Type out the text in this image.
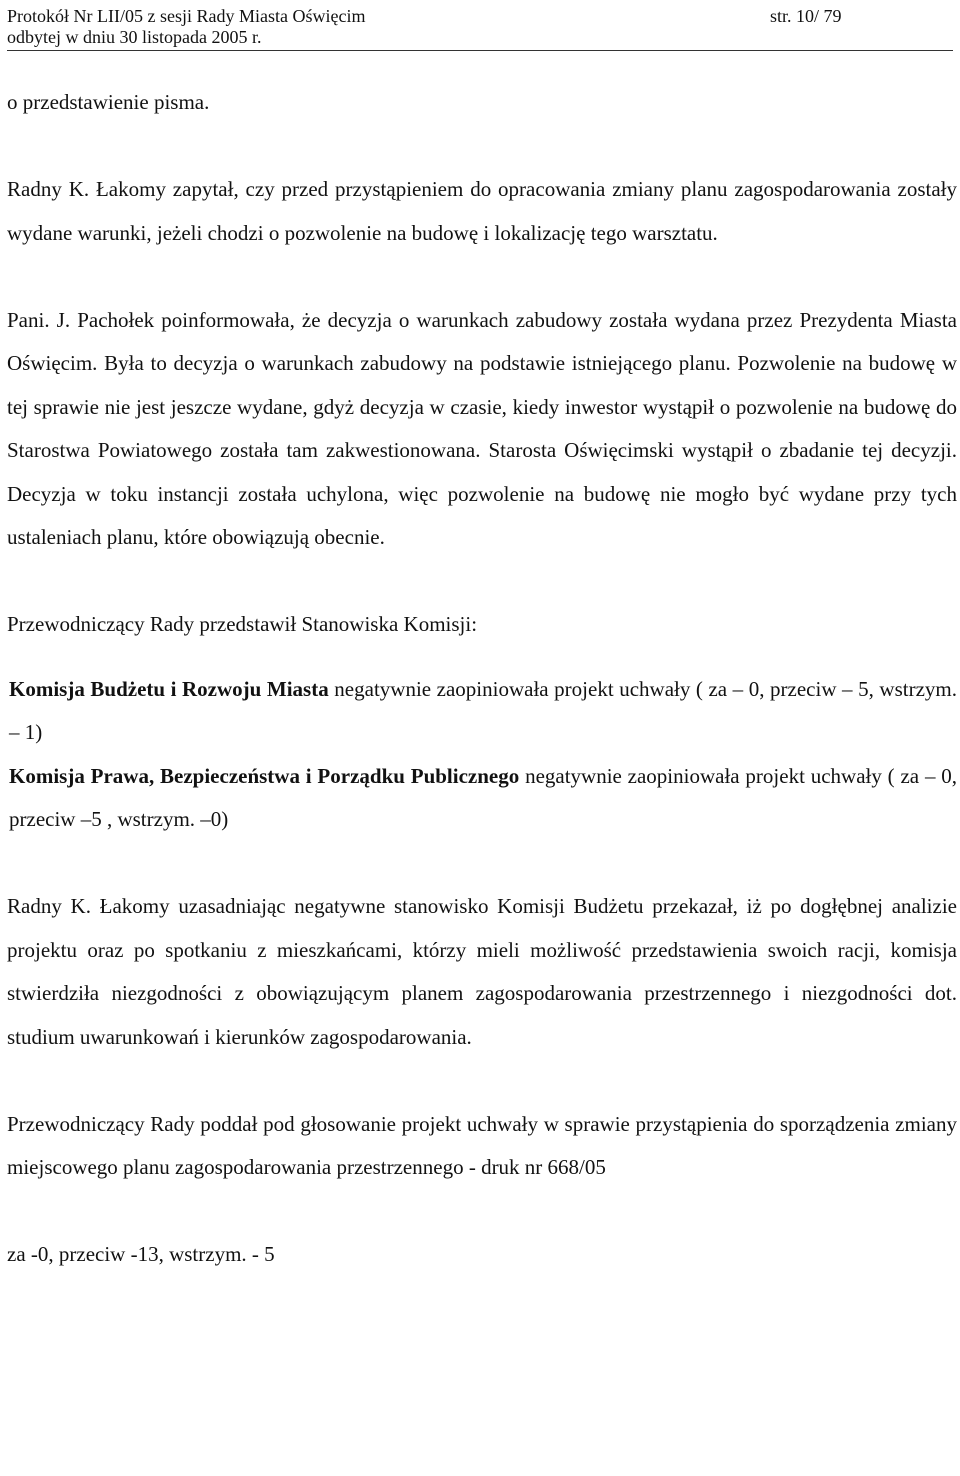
Protokół Nr LII/05 z sesji Rady Miasta Oświęcim
odbytej w dniu 30 listopada 2005 r.
str. 10/ 79

o przedstawienie pisma.

Radny K. Łakomy zapytał, czy przed przystąpieniem do opracowania zmiany planu zagospodarowania zostały wydane warunki, jeżeli chodzi o pozwolenie na budowę i lokalizację tego warsztatu.

Pani. J. Pachołek poinformowała, że decyzja o warunkach zabudowy została wydana przez Prezydenta Miasta Oświęcim. Była to decyzja o warunkach zabudowy na podstawie istniejącego planu. Pozwolenie na budowę w tej sprawie nie jest jeszcze wydane, gdyż decyzja w czasie, kiedy inwestor wystąpił o pozwolenie na budowę do Starostwa Powiatowego została tam zakwestionowana. Starosta Oświęcimski wystąpił o zbadanie tej decyzji. Decyzja w toku instancji została uchylona, więc pozwolenie na budowę nie mogło być wydane przy tych ustaleniach planu, które obowiązują obecnie.

Przewodniczący Rady przedstawił Stanowiska Komisji:

Komisja Budżetu i Rozwoju Miasta negatywnie zaopiniowała projekt uchwały ( za – 0, przeciw – 5, wstrzym. – 1)

Komisja Prawa, Bezpieczeństwa i Porządku Publicznego negatywnie zaopiniowała projekt uchwały ( za – 0, przeciw –5 , wstrzym. –0)

Radny K. Łakomy uzasadniając negatywne stanowisko Komisji Budżetu przekazał, iż po dogłębnej analizie projektu oraz po spotkaniu z mieszkańcami, którzy mieli możliwość przedstawienia swoich racji, komisja stwierdziła niezgodności z obowiązującym planem zagospodarowania przestrzennego i niezgodności dot. studium uwarunkowań i kierunków zagospodarowania.

Przewodniczący Rady poddał pod głosowanie projekt uchwały w sprawie przystąpienia do sporządzenia zmiany miejscowego planu zagospodarowania przestrzennego - druk nr 668/05

za -0, przeciw -13, wstrzym. - 5
